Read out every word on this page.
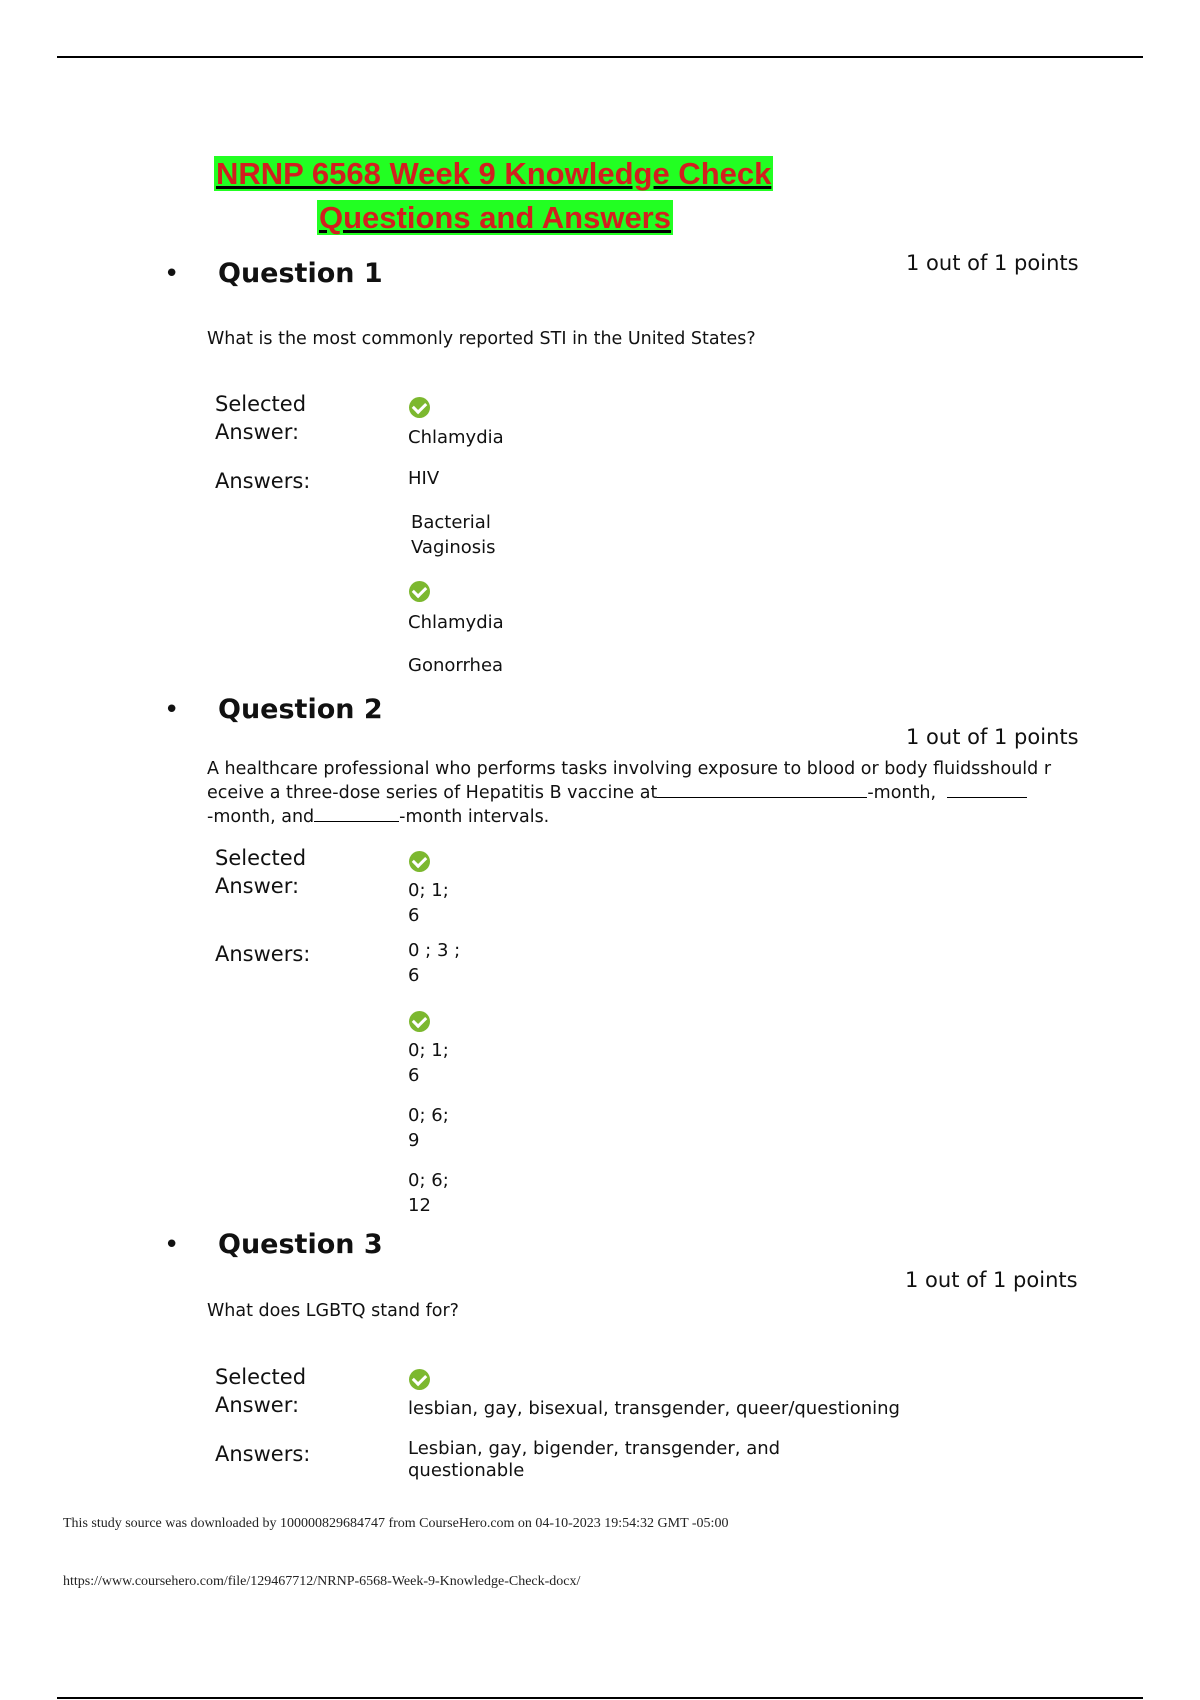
NRNP 6568 Week 9 Knowledge Check
Questions and Answers
• Question 1	1 out of 1 points
What is the most commonly reported STI in the United States?
Selected
Answer:	Chlamydia
Answers:	HIV
Bacterial
Vaginosis
Chlamydia
Gonorrhea
• Question 2
1 out of 1 points
A healthcare professional who performs tasks involving exposure to blood or body fluidsshould r
eceive a three-dose series of Hepatitis B vaccine at	-month,
-month, and	-month intervals.
Selected
Answer:	0; 1;
6
Answers:	0 ; 3 ;
6
0; 1;
6
0; 6;
9
0; 6;
12
• Question 3
1 out of 1 points
What does LGBTQ stand for?
Selected
Answer:	lesbian, gay, bisexual, transgender, queer/questioning
Answers:	Lesbian, gay, bigender, transgender, and
questionable
This study source was downloaded by 100000829684747 from CourseHero.com on 04-10-2023 19:54:32 GMT -05:00
https://www.coursehero.com/file/129467712/NRNP-6568-Week-9-Knowledge-Check-docx/
